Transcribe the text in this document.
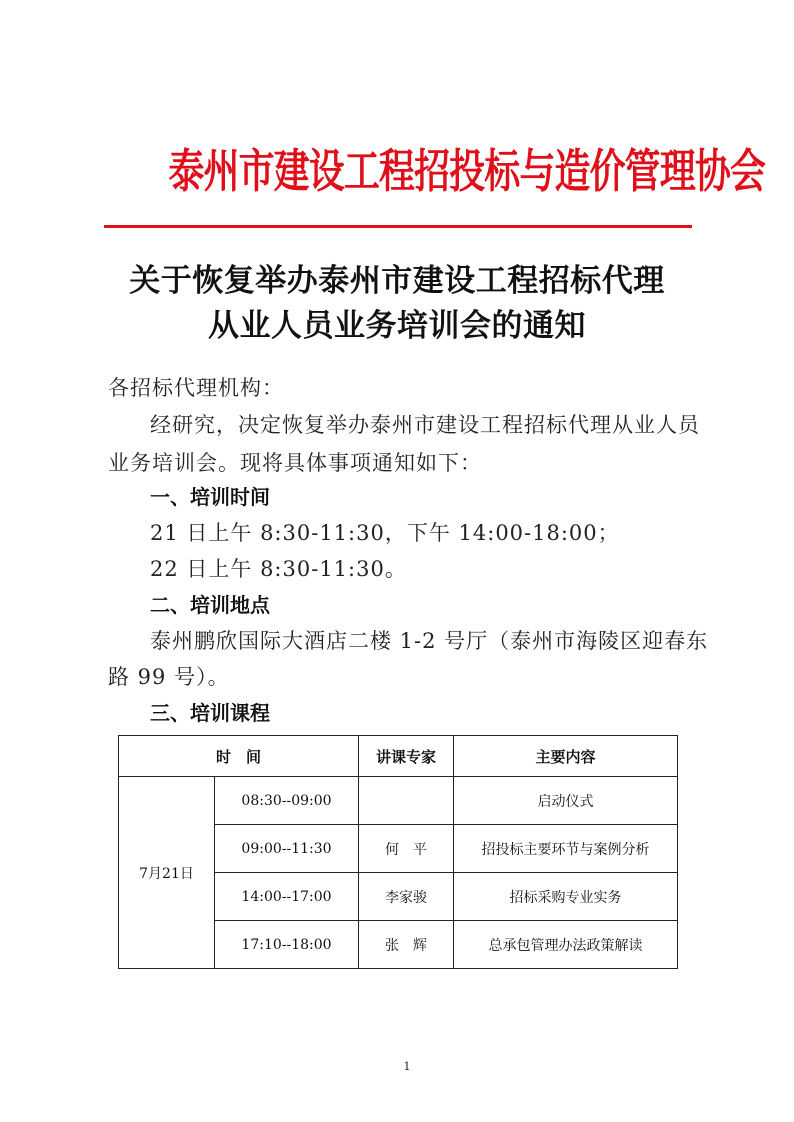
泰州市建设工程招投标与造价管理协会
关于恢复举办泰州市建设工程招标代理
从业人员业务培训会的通知
各招标代理机构：
经研究，决定恢复举办泰州市建设工程招标代理从业人员
业务培训会。现将具体事项通知如下：
一、培训时间
21 日上午 8:30-11:30，下午 14:00-18:00；
22 日上午 8:30-11:30。
二、培训地点
泰州鹏欣国际大酒店二楼 1-2 号厅（泰州市海陵区迎春东
路 99 号）。
三、培训课程
时　间		讲课专家	主要内容
7月21日	08:30--09:00		启动仪式
	09:00--11:30	何　平	招投标主要环节与案例分析
	14:00--17:00	李家骏	招标采购专业实务
	17:10--18:00	张　辉	总承包管理办法政策解读
1
